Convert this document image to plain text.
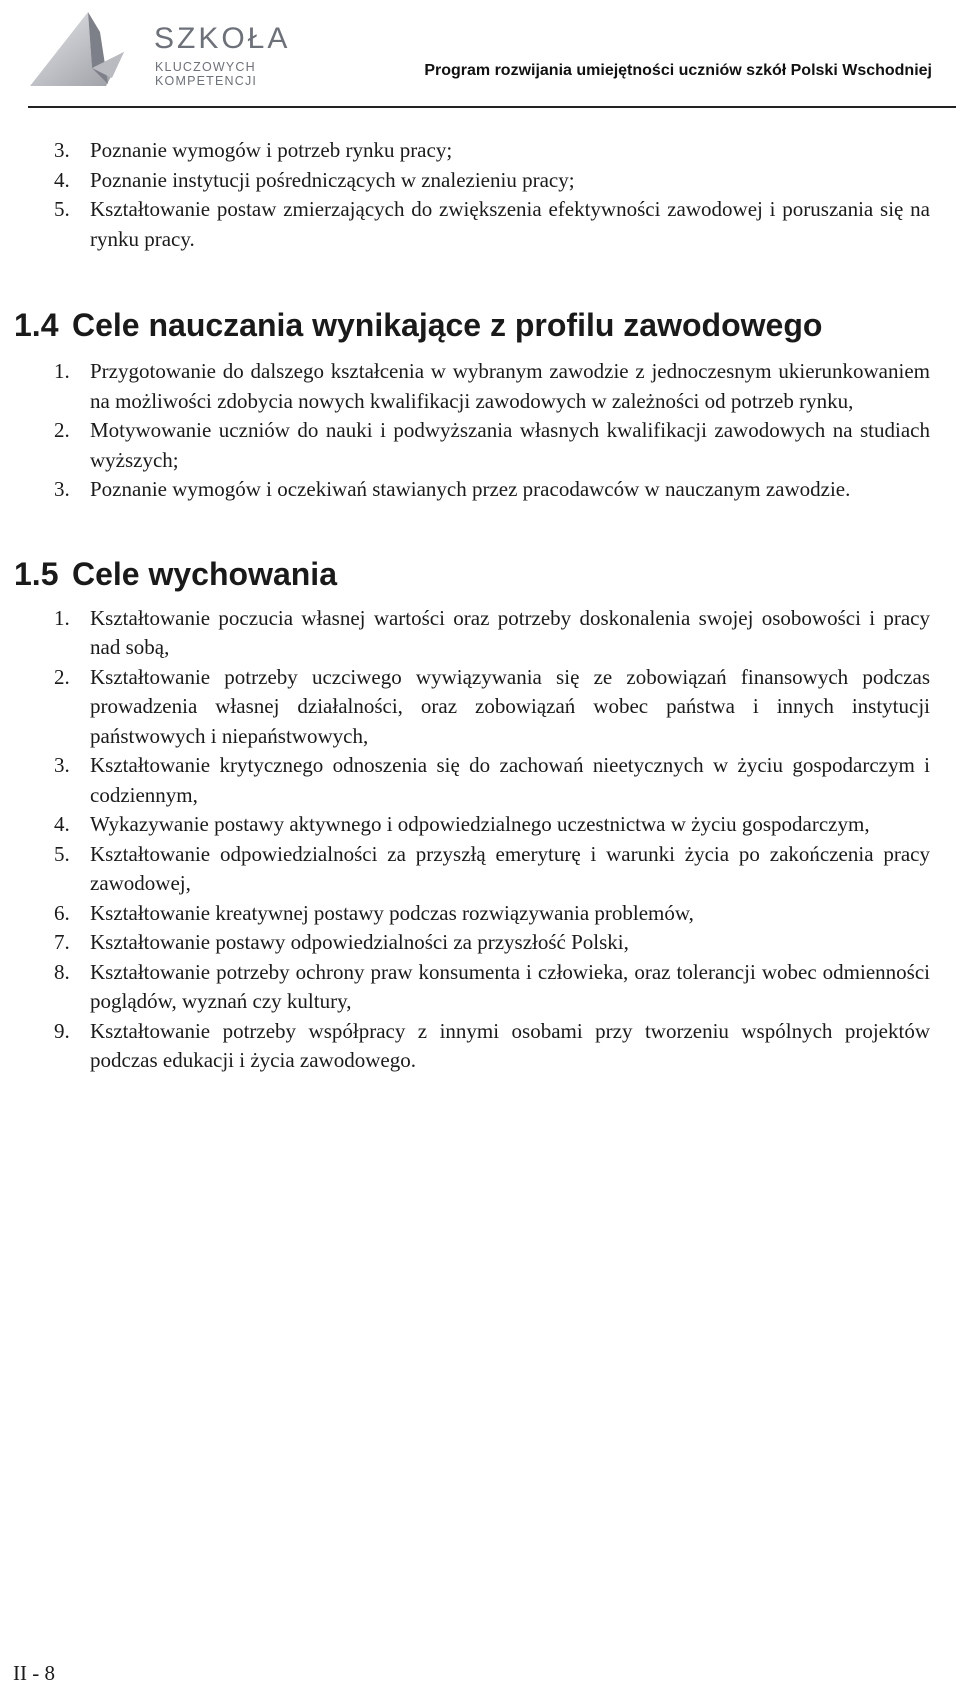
SZKOŁA
KLUCZOWYCH KOMPETENCJI
Program rozwijania umiejętności uczniów szkół Polski Wschodniej
3. Poznanie wymogów i potrzeb rynku pracy;
4. Poznanie instytucji pośredniczących w znalezieniu pracy;
5. Kształtowanie postaw zmierzających do zwiększenia efektywności zawodowej i poruszania się na rynku pracy.
1.4 Cele nauczania wynikające z profilu zawodowego
1. Przygotowanie do dalszego kształcenia w wybranym zawodzie z jednoczesnym ukierunkowaniem na możliwości zdobycia nowych kwalifikacji zawodowych w zależności od potrzeb rynku,
2. Motywowanie uczniów do nauki i podwyższania własnych kwalifikacji zawodowych na studiach wyższych;
3. Poznanie wymogów i oczekiwań stawianych przez pracodawców w nauczanym zawodzie.
1.5 Cele wychowania
1. Kształtowanie poczucia własnej wartości oraz potrzeby doskonalenia swojej osobowości i pracy nad sobą,
2. Kształtowanie potrzeby uczciwego wywiązywania się ze zobowiązań finansowych podczas prowadzenia własnej działalności, oraz zobowiązań wobec państwa i innych instytucji państwowych i niepaństwowych,
3. Kształtowanie krytycznego odnoszenia się do zachowań nieetycznych w życiu gospodarczym i codziennym,
4. Wykazywanie postawy aktywnego i odpowiedzialnego uczestnictwa w życiu gospodarczym,
5. Kształtowanie odpowiedzialności za przyszłą emeryturę i warunki życia po zakończenia pracy zawodowej,
6. Kształtowanie kreatywnej postawy podczas rozwiązywania problemów,
7. Kształtowanie postawy odpowiedzialności za przyszłość Polski,
8. Kształtowanie potrzeby ochrony praw konsumenta i człowieka, oraz tolerancji wobec odmienności poglądów, wyznań czy kultury,
9. Kształtowanie potrzeby współpracy z innymi osobami przy tworzeniu wspólnych projektów podczas edukacji i życia zawodowego.
II - 8
